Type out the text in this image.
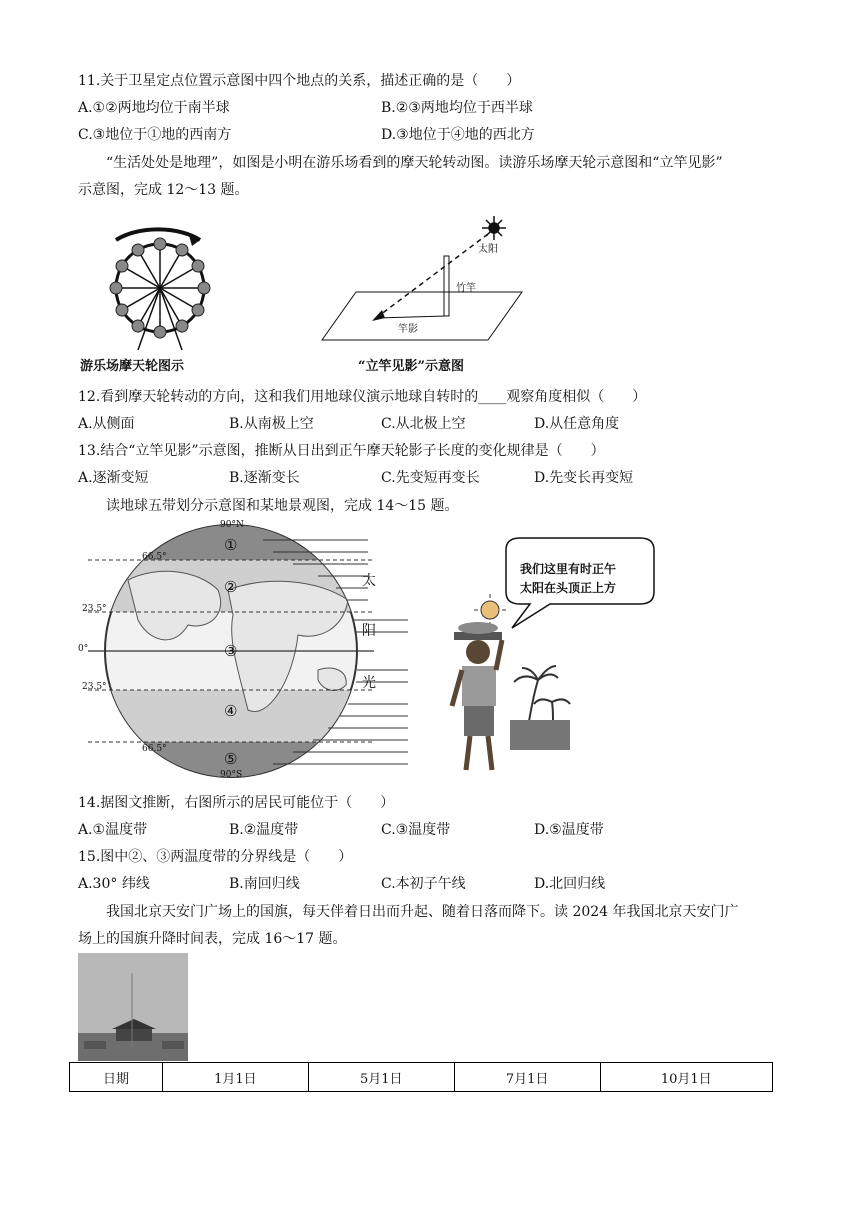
11.关于卫星定点位置示意图中四个地点的关系，描述正确的是（　　）
A.①②两地均位于南半球	B.②③两地均位于西半球
C.③地位于①地的西南方	D.③地位于④地的西北方
“生活处处是地理”，如图是小明在游乐场看到的摩天轮转动图。读游乐场摩天轮示意图和“立竿见影”
示意图，完成 12～13 题。
游乐场摩天轮图示
太阳
竹竿
竿影
“立竿见影”示意图
12.看到摩天轮转动的方向，这和我们用地球仪演示地球自转时的____观察角度相似（　　）
A.从侧面	B.从南极上空	C.从北极上空	D.从任意角度
13.结合“立竿见影”示意图，推断从日出到正午摩天轮影子长度的变化规律是（　　）
A.逐渐变短	B.逐渐变长	C.先变短再变长	D.先变长再变短
读地球五带划分示意图和某地景观图，完成 14～15 题。
90°N
66.5°
23.5°
0°
23.5°
66.5°
90°S
①
②
③
④
⑤
太
阳
光
我们这里有时正午
太阳在头顶正上方
14.据图文推断，右图所示的居民可能位于（　　）
A.①温度带	B.②温度带	C.③温度带	D.⑤温度带
15.图中②、③两温度带的分界线是（　　）
A.30° 纬线	B.南回归线	C.本初子午线	D.北回归线
我国北京天安门广场上的国旗，每天伴着日出而升起、随着日落而降下。读 2024 年我国北京天安门广
场上的国旗升降时间表，完成 16～17 题。
日期	1月1日	5月1日	7月1日	10月1日
